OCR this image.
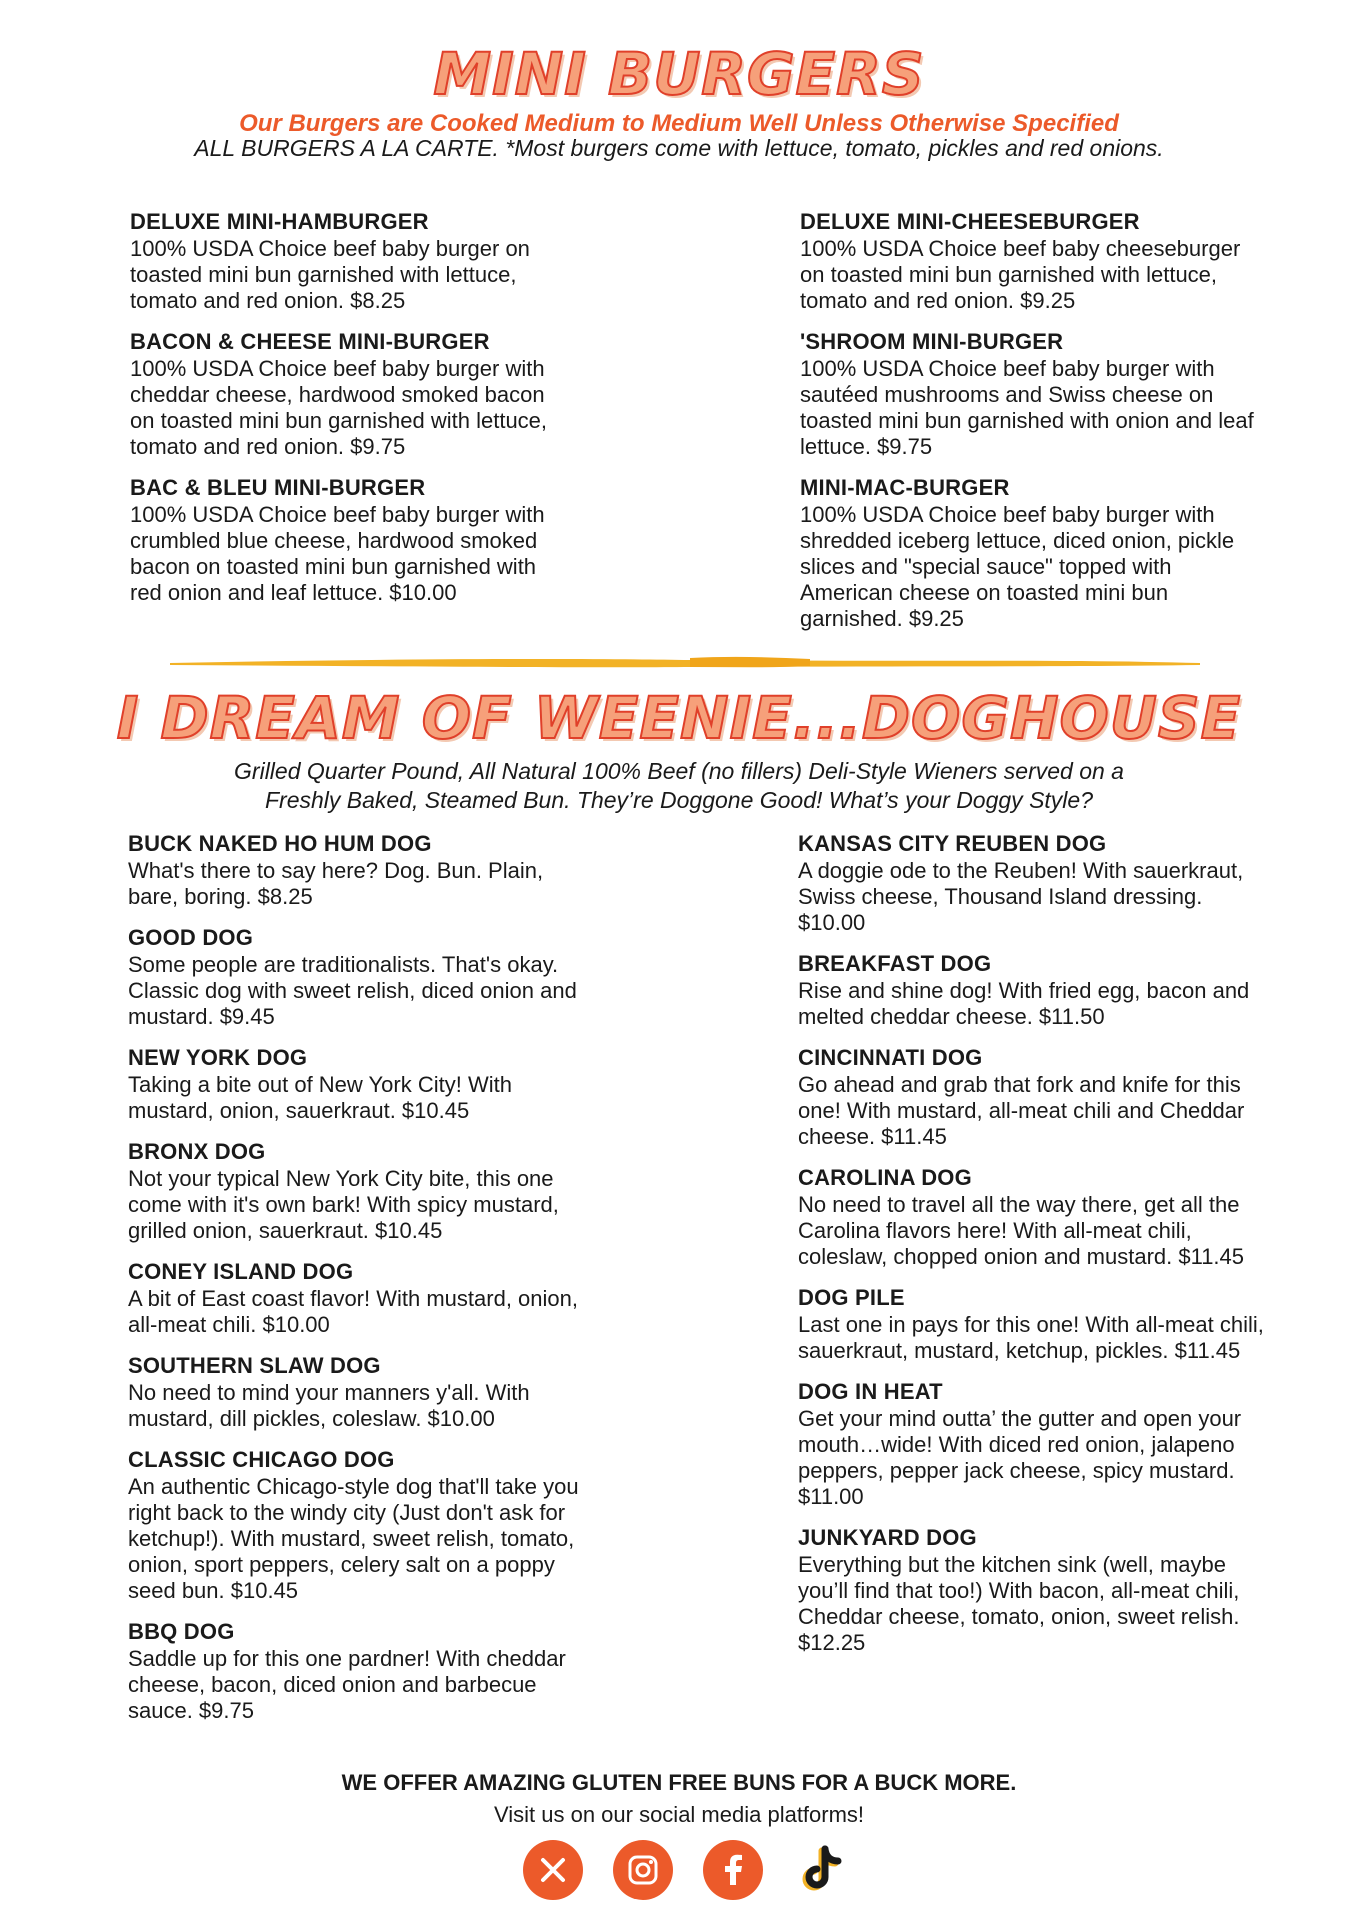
MINI BURGERS
Our Burgers are Cooked Medium to Medium Well Unless Otherwise Specified
ALL BURGERS A LA CARTE. *Most burgers come with lettuce, tomato, pickles and red onions.
DELUXE MINI-HAMBURGER
100% USDA Choice beef baby burger on toasted mini bun garnished with lettuce, tomato and red onion. $8.25
BACON & CHEESE MINI-BURGER
100% USDA Choice beef baby burger with cheddar cheese, hardwood smoked bacon on toasted mini bun garnished with lettuce, tomato and red onion. $9.75
BAC & BLEU MINI-BURGER
100% USDA Choice beef baby burger with crumbled blue cheese, hardwood smoked bacon on toasted mini bun garnished with red onion and leaf lettuce. $10.00
DELUXE MINI-CHEESEBURGER
100% USDA Choice beef baby cheeseburger on toasted mini bun garnished with lettuce, tomato and red onion. $9.25
'SHROOM MINI-BURGER
100% USDA Choice beef baby burger with sautéed mushrooms and Swiss cheese on toasted mini bun garnished with onion and leaf lettuce. $9.75
MINI-MAC-BURGER
100% USDA Choice beef baby burger with shredded iceberg lettuce, diced onion, pickle slices and "special sauce" topped with American cheese on toasted mini bun garnished. $9.25
I DREAM OF WEENIE...DOGHOUSE
Grilled Quarter Pound, All Natural 100% Beef (no fillers) Deli-Style Wieners served on a
Freshly Baked, Steamed Bun. They’re Doggone Good! What’s your Doggy Style?
BUCK NAKED HO HUM DOG
What's there to say here? Dog. Bun. Plain, bare, boring. $8.25
GOOD DOG
Some people are traditionalists. That's okay. Classic dog with sweet relish, diced onion and mustard. $9.45
NEW YORK DOG
Taking a bite out of New York City! With mustard, onion, sauerkraut. $10.45
BRONX DOG
Not your typical New York City bite, this one come with it's own bark! With spicy mustard, grilled onion, sauerkraut. $10.45
CONEY ISLAND DOG
A bit of East coast flavor! With mustard, onion, all-meat chili. $10.00
SOUTHERN SLAW DOG
No need to mind your manners y'all. With mustard, dill pickles, coleslaw. $10.00
CLASSIC CHICAGO DOG
An authentic Chicago-style dog that'll take you right back to the windy city (Just don't ask for ketchup!). With mustard, sweet relish, tomato, onion, sport peppers, celery salt on a poppy seed bun. $10.45
BBQ DOG
Saddle up for this one pardner! With cheddar cheese, bacon, diced onion and barbecue sauce. $9.75
KANSAS CITY REUBEN DOG
A doggie ode to the Reuben! With sauerkraut, Swiss cheese, Thousand Island dressing. $10.00
BREAKFAST DOG
Rise and shine dog! With fried egg, bacon and melted cheddar cheese. $11.50
CINCINNATI DOG
Go ahead and grab that fork and knife for this one! With mustard, all-meat chili and Cheddar cheese. $11.45
CAROLINA DOG
No need to travel all the way there, get all the Carolina flavors here! With all-meat chili, coleslaw, chopped onion and mustard. $11.45
DOG PILE
Last one in pays for this one! With all-meat chili, sauerkraut, mustard, ketchup, pickles. $11.45
DOG IN HEAT
Get your mind outta’ the gutter and open your mouth…wide! With diced red onion, jalapeno peppers, pepper jack cheese, spicy mustard. $11.00
JUNKYARD DOG
Everything but the kitchen sink (well, maybe you’ll find that too!) With bacon, all-meat chili, Cheddar cheese, tomato, onion, sweet relish. $12.25
WE OFFER AMAZING GLUTEN FREE BUNS FOR A BUCK MORE.
Visit us on our social media platforms!
